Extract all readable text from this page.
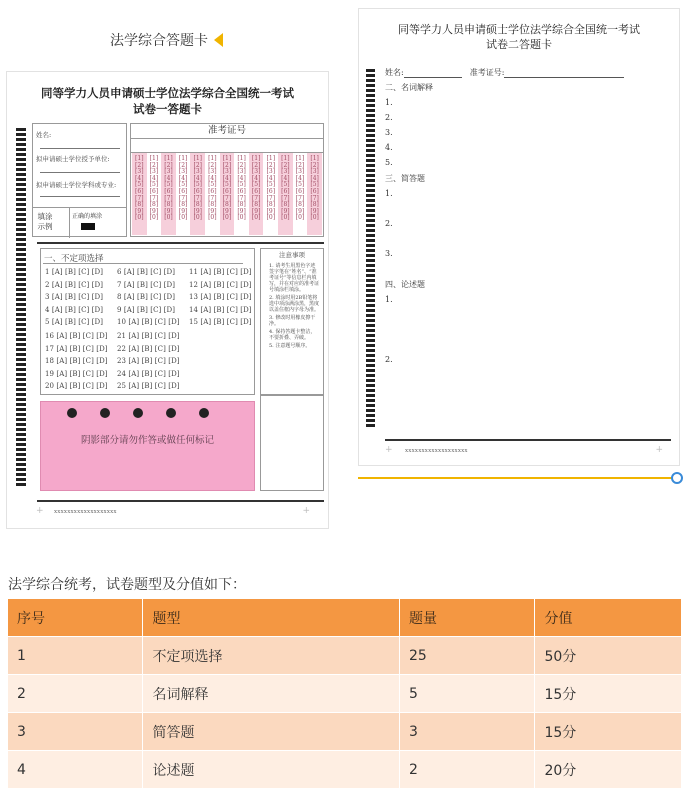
法学综合答题卡
同等学力人员申请硕士学位法学综合全国统一考试
试卷一答题卡
姓名:
拟申请硕士学位授予单位:
拟申请硕士学位学科或专业:
填涂示例
正确的填涂
准考证号
[1]
[2]
[3]
[4]
[5]
[6]
[7]
[8]
[9]
[0]
[1]
[2]
[3]
[4]
[5]
[6]
[7]
[8]
[9]
[0]
[1]
[2]
[3]
[4]
[5]
[6]
[7]
[8]
[9]
[0]
[1]
[2]
[3]
[4]
[5]
[6]
[7]
[8]
[9]
[0]
[1]
[2]
[3]
[4]
[5]
[6]
[7]
[8]
[9]
[0]
[1]
[2]
[3]
[4]
[5]
[6]
[7]
[8]
[9]
[0]
[1]
[2]
[3]
[4]
[5]
[6]
[7]
[8]
[9]
[0]
[1]
[2]
[3]
[4]
[5]
[6]
[7]
[8]
[9]
[0]
[1]
[2]
[3]
[4]
[5]
[6]
[7]
[8]
[9]
[0]
[1]
[2]
[3]
[4]
[5]
[6]
[7]
[8]
[9]
[0]
[1]
[2]
[3]
[4]
[5]
[6]
[7]
[8]
[9]
[0]
[1]
[2]
[3]
[4]
[5]
[6]
[7]
[8]
[9]
[0]
[1]
[2]
[3]
[4]
[5]
[6]
[7]
[8]
[9]
[0]
一、不定项选择
1 [A] [B] [C] [D]
2 [A] [B] [C] [D]
3 [A] [B] [C] [D]
4 [A] [B] [C] [D]
5 [A] [B] [C] [D]
6 [A] [B] [C] [D]
7 [A] [B] [C] [D]
8 [A] [B] [C] [D]
9 [A] [B] [C] [D]
10 [A] [B] [C] [D]
11 [A] [B] [C] [D]
12 [A] [B] [C] [D]
13 [A] [B] [C] [D]
14 [A] [B] [C] [D]
15 [A] [B] [C] [D]
16 [A] [B] [C] [D]
17 [A] [B] [C] [D]
18 [A] [B] [C] [D]
19 [A] [B] [C] [D]
20 [A] [B] [C] [D]
21 [A] [B] [C] [D]
22 [A] [B] [C] [D]
23 [A] [B] [C] [D]
24 [A] [B] [C] [D]
25 [A] [B] [C] [D]
注意事项
1. 请考生用黑色字迹签字笔在“姓名”、“准考证号”等信息栏内填写，并在对应的准考证号填涂栏填涂。
2. 填涂时用2B铅笔将选中项涂满涂黑，黑度以盖住框内字母为准。
3. 修改时用橡皮擦干净。
4. 保持答题卡整洁，不要折叠、弄破。
5. 注意题号顺序。
阴影部分请勿作答或做任何标记
+ xxxxxxxxxxxxxxxxxxx	+
同等学力人员申请硕士学位法学综合全国统一考试
试卷二答题卡
姓名:	准考证号:
二、名词解释
1.
2.
3.
4.
5.
三、简答题
1.
2.
3.
四、论述题
1.
2.
+ xxxxxxxxxxxxxxxxxxx	+
法学综合统考，试卷题型及分值如下：
序号	题型	题量	分值
1	不定项选择	25	50分
2	名词解释	5	15分
3	简答题	3	15分
4	论述题	2	20分
